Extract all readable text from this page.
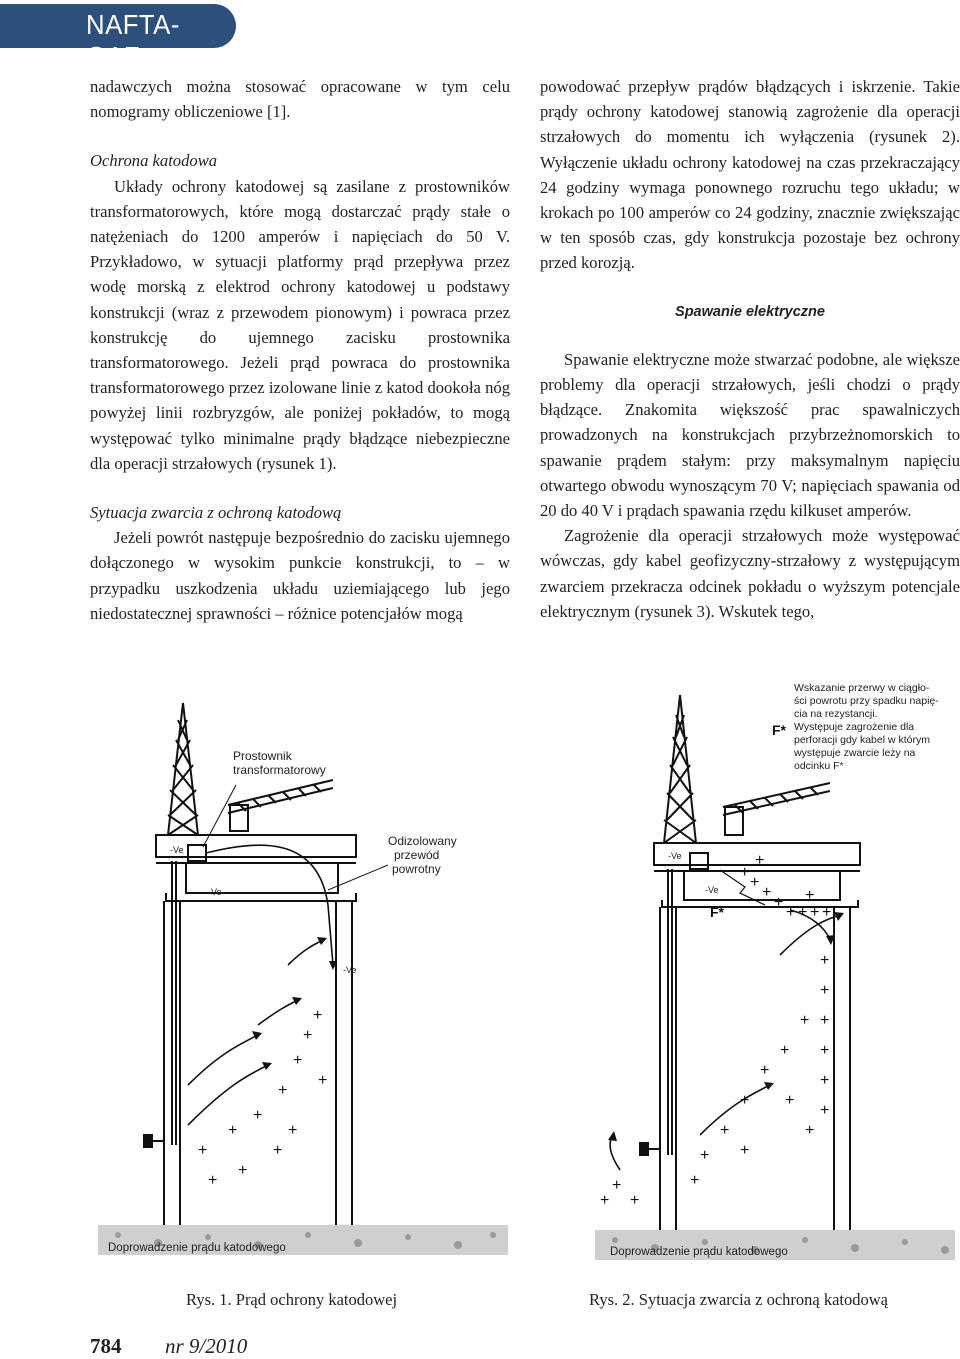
NAFTA-GAZ

nadawczych można stosować opracowane w tym celu nomogramy obliczeniowe [1].

Ochrona katodowa

Układy ochrony katodowej są zasilane z prostowników transformatorowych, które mogą dostarczać prądy stałe o natężeniach do 1200 amperów i napięciach do 50 V. Przykładowo, w sytuacji platformy prąd przepływa przez wodę morską z elektrod ochrony katodowej u podstawy konstrukcji (wraz z przewodem pionowym) i powraca przez konstrukcję do ujemnego zacisku prostownika transformatorowego. Jeżeli prąd powraca do prostownika transformatorowego przez izolowane linie z katod dookoła nóg powyżej linii rozbryzgów, ale poniżej pokładów, to mogą występować tylko minimalne prądy błądzące niebezpieczne dla operacji strzałowych (rysunek 1).

Sytuacja zwarcia z ochroną katodową

Jeżeli powrót następuje bezpośrednio do zacisku ujemnego dołączonego w wysokim punkcie konstrukcji, to – w przypadku uszkodzenia układu uziemiającego lub jego niedostatecznej sprawności – różnice potencjałów mogą

powodować przepływ prądów błądzących i iskrzenie. Takie prądy ochrony katodowej stanowią zagrożenie dla operacji strzałowych do momentu ich wyłączenia (rysunek 2). Wyłączenie układu ochrony katodowej na czas przekraczający 24 godziny wymaga ponownego rozruchu tego układu; w krokach po 100 amperów co 24 godziny, znacznie zwiększając w ten sposób czas, gdy konstrukcja pozostaje bez ochrony przed korozją.

Spawanie elektryczne

Spawanie elektryczne może stwarzać podobne, ale większe problemy dla operacji strzałowych, jeśli chodzi o prądy błądzące. Znakomita większość prac spawalniczych prowadzonych na konstrukcjach przybrzeżnomorskich to spawanie prądem stałym: przy maksymalnym napięciu otwartego obwodu wynoszącym 70 V; napięciach spawania od 20 do 40 V i prądach spawania rzędu kilkuset amperów.

Zagrożenie dla operacji strzałowych może występować wówczas, gdy kabel geofizyczny-strzałowy z występującym zwarciem przekracza odcinek pokładu o wyższym potencjale elektrycznym (rysunek 3). Wskutek tego,

+
+
+
+
+
+
+
+
+
+
+
+
Prostownik transformatorowy
Odizolowany przewód powrotny
-Ve
-Ve
-Ve
Doprowadzenie prądu katodowego
+
+
+
+ + + +
+
+
+
+
+
+
+
+
+
+
+
+
+
+
+
+
+
+
+
+
+
+
F*
F*
Wskazanie przerwy w ciągło- ści powrotu przy spadku napię- cia na rezystancji. Występuje zagrożenie dla perforacji gdy kabel w którym występuje zwarcie leży na odcinku F*
-Ve
-Ve
Doprowadzenie prądu katodowego
Rys. 1. Prąd ochrony katodowej	Rys. 2. Sytuacja zwarcia z ochroną katodową
784 nr 9/2010
